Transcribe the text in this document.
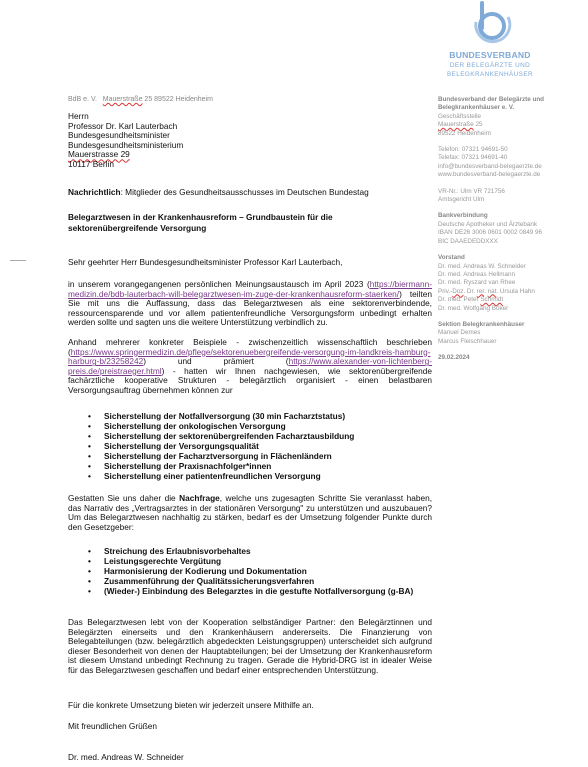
BUNDESVERBAND
DER BELEGÄRZTE UND
BELEGKRANKENHÄUSER
BdB e. V. Mauerstraße 25 89522 Heidenheim
Herrn
Professor Dr. Karl Lauterbach
Bundesgesundheitsminister
Bundesgesundheitsministerium
Mauerstrasse 29
10117 Berlin
Nachrichtlich: Mitglieder des Gesundheitsausschusses im Deutschen Bundestag
Belegarztwesen in der Krankenhausreform – Grundbaustein für die sektorenübergreifende Versorgung
Sehr geehrter Herr Bundesgesundheitsminister Professor Karl Lauterbach,
in unserem vorangegangenen persönlichen Meinungsaustausch im April 2023 (https://biermann-medizin.de/bdb-lauterbach-will-belegarztwesen-im-zuge-der-krankenhausreform-staerken/) teilten Sie mit uns die Auffassung, dass das Belegarztwesen als eine sektorenverbindende, ressourcensparende und vor allem patientenfreundliche Versorgungsform unbedingt erhalten werden sollte und sagten uns die weitere Unterstützung verbindlich zu.
Anhand mehrerer konkreter Beispiele - zwischenzeitlich wissenschaftlich beschrieben (https://www.springermedizin.de/pflege/sektorenuebergreifende-versorgung-im-landkreis-hamburg-harburg-b/23258242) und prämiert (https://www.alexander-von-lichtenberg-preis.de/preistraeger.html) - hatten wir Ihnen nachgewiesen, wie sektorenübergreifende fachärztliche kooperative Strukturen - belegärztlich organisiert - einen belastbaren Versorgungsauftrag übernehmen können zur
• Sicherstellung der Notfallversorgung (30 min Facharztstatus)
• Sicherstellung der onkologischen Versorgung
• Sicherstellung der sektorenübergreifenden Facharztausbildung
• Sicherstellung der Versorgungsqualität
• Sicherstellung der Facharztversorgung in Flächenländern
• Sicherstellung der Praxisnachfolger*innen
• Sicherstellung einer patientenfreundlichen Versorgung
Gestatten Sie uns daher die Nachfrage, welche uns zugesagten Schritte Sie veranlasst haben, das Narrativ des „Vertragsarztes in der stationären Versorgung" zu unterstützen und auszubauen? Um das Belegarztwesen nachhaltig zu stärken, bedarf es der Umsetzung folgender Punkte durch den Gesetzgeber:
• Streichung des Erlaubnisvorbehaltes
• Leistungsgerechte Vergütung
• Harmonisierung der Kodierung und Dokumentation
• Zusammenführung der Qualitätssicherungsverfahren
• (Wieder-) Einbindung des Belegarztes in die gestufte Notfallversorgung (g-BA)
Das Belegarztwesen lebt von der Kooperation selbständiger Partner: den Belegärztinnen und Belegärzten einerseits und den Krankenhäusern andererseits. Die Finanzierung von Belegabteilungen (bzw. belegärztlich abgedeckten Leistungsgruppen) unterscheidet sich aufgrund dieser Besonderheit von denen der Hauptabteilungen; bei der Umsetzung der Krankenhausreform ist diesem Umstand unbedingt Rechnung zu tragen. Gerade die Hybrid-DRG ist in idealer Weise für das Belegarztwesen geschaffen und bedarf einer entsprechenden Unterstützung.
Für die konkrete Umsetzung bieten wir jederzeit unsere Mithilfe an.
Mit freundlichen Grüßen
Dr. med. Andreas W. Schneider
Bundesverband der Belegärzte und
Belegkrankenhäuser e. V.
Geschäftsstelle
Mauerstraße 25
89522 Heidenheim
Telefon: 07321 94691-50
Telefax: 07321 94691-40
info@bundesverband-belegaerzte.de
www.bundesverband-belegaerzte.de
VR-Nr.: Ulm VR 721756
Amtsgericht Ulm
Bankverbindung
Deutsche Apotheker und Ärztebank
IBAN DE26 3006 0601 0002 0849 96
BIC DAAEDEDDXXX
Vorstand
Dr. med. Andreas W. Schneider
Dr. med. Andreas Hellmann
Dr. med. Ryszard van Rhee
Priv.-Doz. Dr. rer. nat. Ursula Hahn
Dr. med. Peter Schmidt
Dr. med. Wolfgang Böker
Sektion Belegkrankenhäuser
Manuel Demes
Marcus Fleischhauer
29.02.2024
